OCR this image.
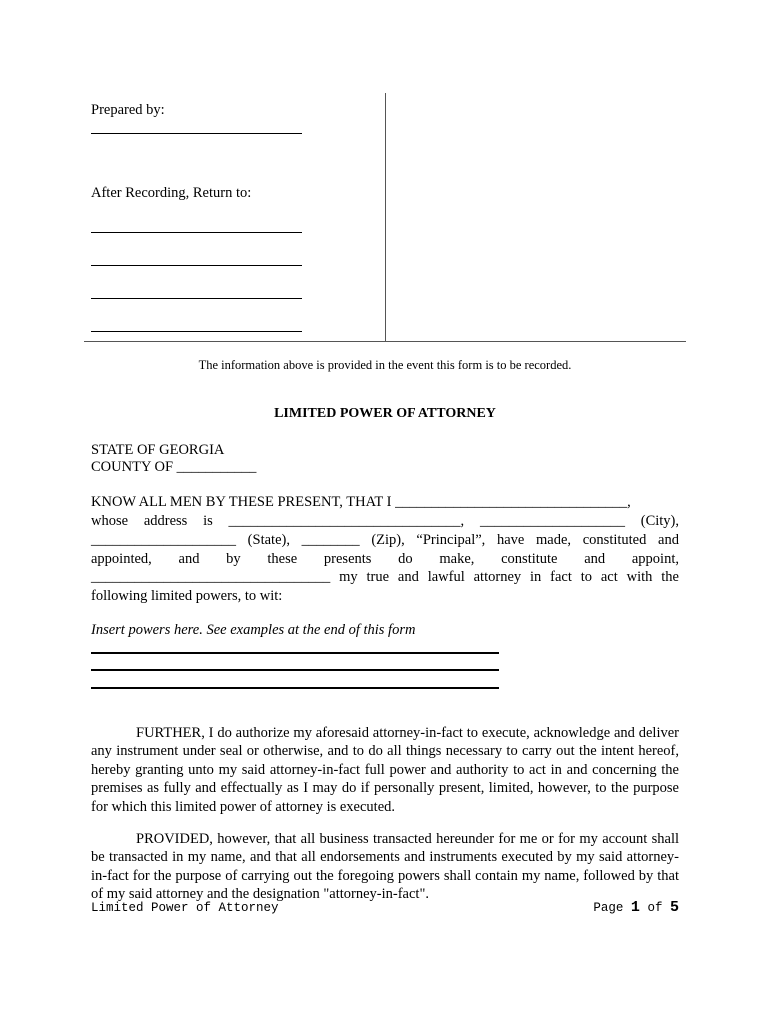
Prepared by:
After Recording, Return to:
The information above is provided in the event this form is to be recorded.
LIMITED POWER OF ATTORNEY
STATE OF GEORGIA
COUNTY OF ___________
KNOW ALL MEN BY THESE PRESENT, THAT I ________________________________,
whose address is ________________________________, ____________________ (City),
____________________ (State), ________ (Zip), “Principal”, have made, constituted and
appointed, and by these presents do make, constitute and appoint,
_________________________________ my true and lawful attorney in fact to act with the
following limited powers, to wit:
Insert powers here. See examples at the end of this form
FURTHER, I do authorize my aforesaid attorney-in-fact to execute, acknowledge and deliver any instrument under seal or otherwise, and to do all things necessary to carry out the intent hereof, hereby granting unto my said attorney-in-fact full power and authority to act in and concerning the premises as fully and effectually as I may do if personally present, limited, however, to the purpose for which this limited power of attorney is executed.
PROVIDED, however, that all business transacted hereunder for me or for my account shall be transacted in my name, and that all endorsements and instruments executed by my said attorney-in-fact for the purpose of carrying out the foregoing powers shall contain my name, followed by that of my said attorney and the designation "attorney-in-fact".
Limited Power of Attorney	Page 1 of 5
